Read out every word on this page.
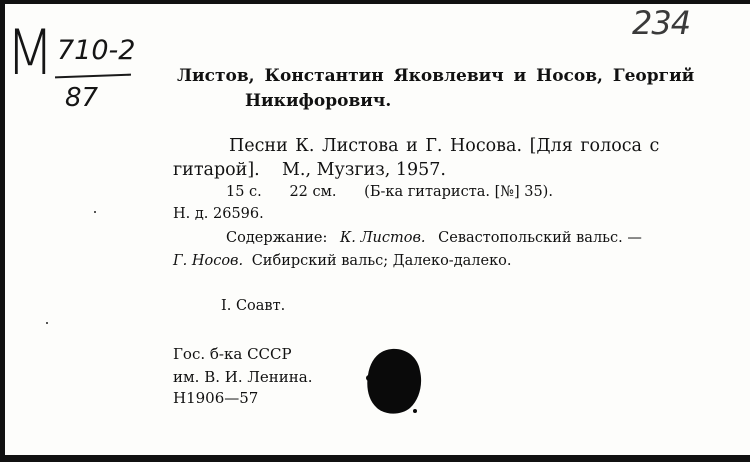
М 710-2
87
234
Листов, Константин Яковлевич и Носов, Георгий
Никифорович.
Песни К. Листова и Г. Носова. [Для голоса с
гитарой].    М., Музгиз, 1957.
15 с.      22 см.      (Б-ка гитариста. [№] 35).
Н. д. 26596.
Содержание: К. Листов. Севастопольский вальс. —
Г. Носов. Сибирский вальс; Далеко-далеко.
I. Соавт.
Гос. б-ка СССР
им. В. И. Ленина.
Н1906—57
